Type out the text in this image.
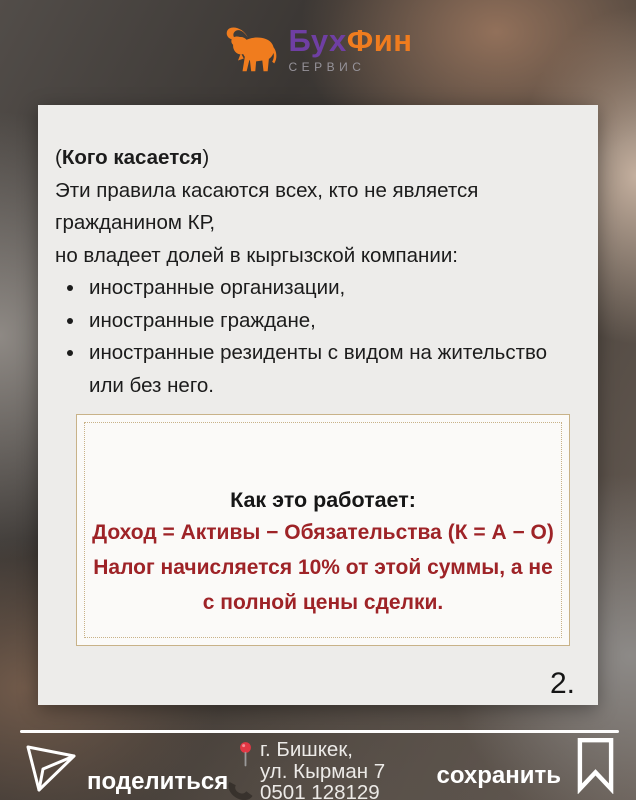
БухФин
СЕРВИС
(Кого касается)

Эти правила касаются всех, кто не является гражданином КР,

но владеет долей в кыргызской компании:

• иностранные организации,
• иностранные граждане,
• иностранные резиденты с видом на жительство или без него.
Как это работает:
Доход = Активы − Обязательства (К = А − О)
Налог начисляется 10% от этой суммы, а не с полной цены сделки.
2.
поделиться
г. Бишкек,
ул. Кырман 7
0501 128129
сохранить
